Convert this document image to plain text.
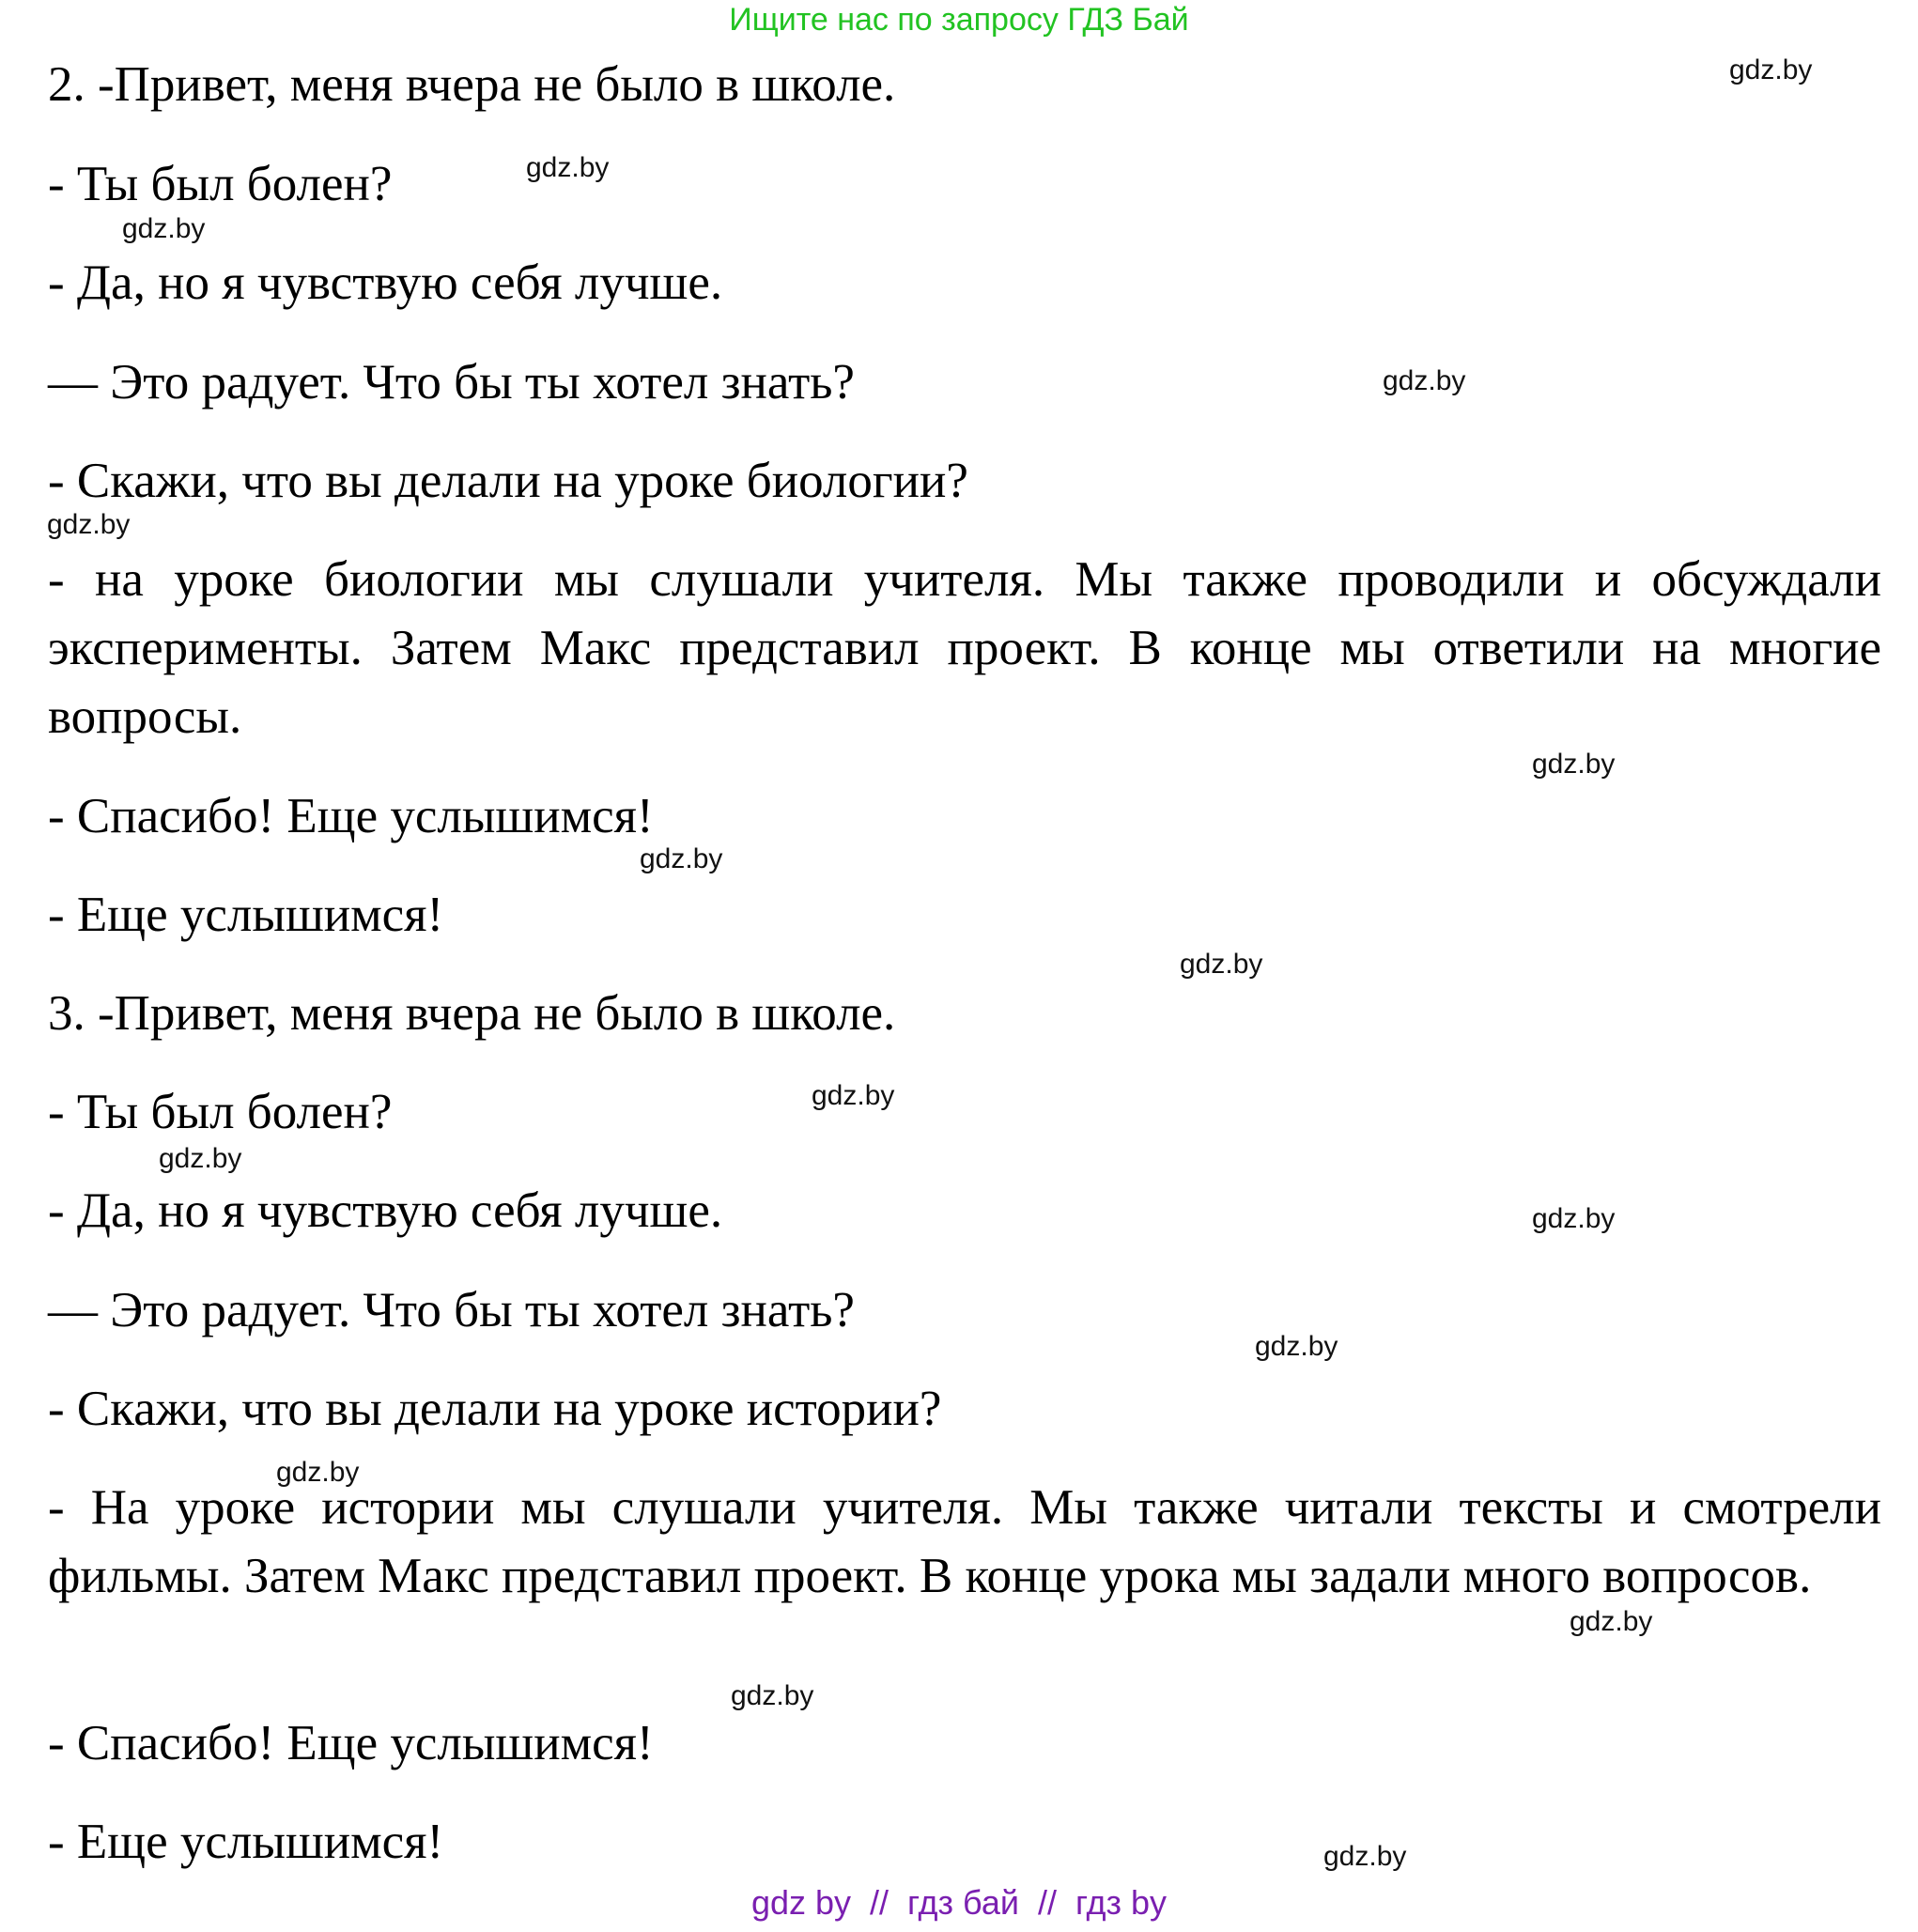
Ищите нас по запросу ГДЗ Бай
2. -Привет, меня вчера не было в школе.
- Ты был болен?
- Да, но я чувствую себя лучше.
— Это радует. Что бы ты хотел знать?
- Скажи, что вы делали на уроке биологии?
- на уроке биологии мы слушали учителя. Мы также проводили и обсуждали эксперименты. Затем Макс представил проект. В конце мы ответили на многие вопросы.
- Спасибо! Еще услышимся!
- Еще услышимся!
3. -Привет, меня вчера не было в школе.
- Ты был болен?
- Да, но я чувствую себя лучше.
— Это радует. Что бы ты хотел знать?
- Скажи, что вы делали на уроке истории?
- На уроке истории мы слушали учителя. Мы также читали тексты и смотрели фильмы. Затем Макс представил проект. В конце урока мы задали много вопросов.
- Спасибо! Еще услышимся!
- Еще услышимся!
gdz.by
gdz.by
gdz.by
gdz.by
gdz.by
gdz.by
gdz.by
gdz.by
gdz.by
gdz.by
gdz.by
gdz.by
gdz.by
gdz.by
gdz.by
gdz.by
gdz by  //  гдз бай  //  гдз by
